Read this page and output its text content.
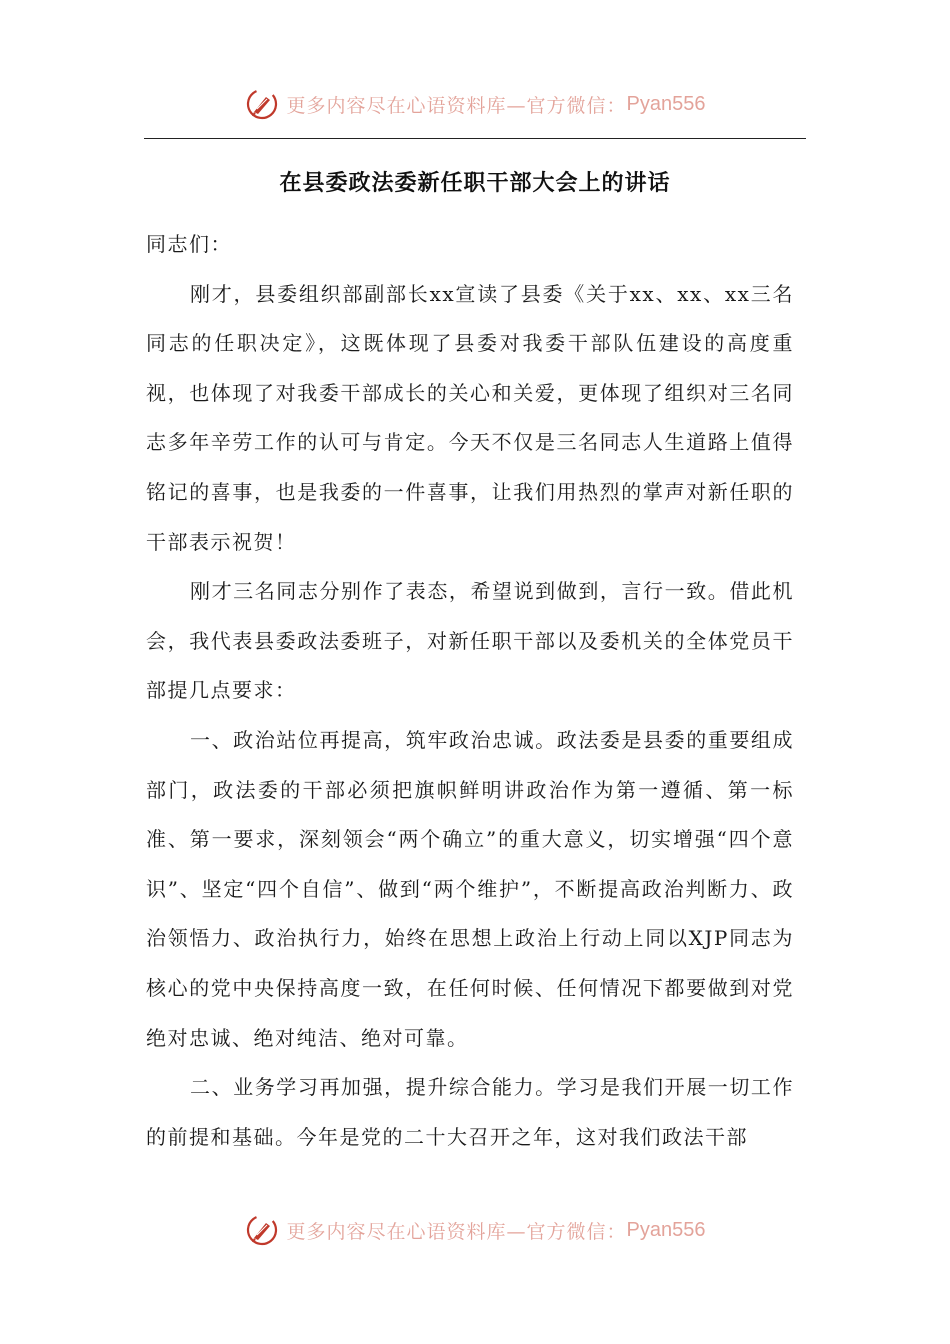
更多内容尽在心语资料库—官方微信： Pyan556
在县委政法委新任职干部大会上的讲话

同志们：

刚才，县委组织部副部长xx宣读了县委《关于xx、xx、xx三名同志的任职决定》，这既体现了县委对我委干部队伍建设的高度重视，也体现了对我委干部成长的关心和关爱，更体现了组织对三名同志多年辛劳工作的认可与肯定。今天不仅是三名同志人生道路上值得铭记的喜事，也是我委的一件喜事，让我们用热烈的掌声对新任职的干部表示祝贺！

刚才三名同志分别作了表态，希望说到做到，言行一致。借此机会，我代表县委政法委班子，对新任职干部以及委机关的全体党员干部提几点要求：

一、政治站位再提高，筑牢政治忠诚。政法委是县委的重要组成部门，政法委的干部必须把旗帜鲜明讲政治作为第一遵循、第一标准、第一要求，深刻领会“两个确立”的重大意义，切实增强“四个意识”、坚定“四个自信”、做到“两个维护”，不断提高政治判断力、政治领悟力、政治执行力，始终在思想上政治上行动上同以XJP同志为核心的党中央保持高度一致，在任何时候、任何情况下都要做到对党绝对忠诚、绝对纯洁、绝对可靠。

二、业务学习再加强，提升综合能力。学习是我们开展一切工作的前提和基础。今年是党的二十大召开之年，这对我们政法干部

更多内容尽在心语资料库—官方微信： Pyan556
